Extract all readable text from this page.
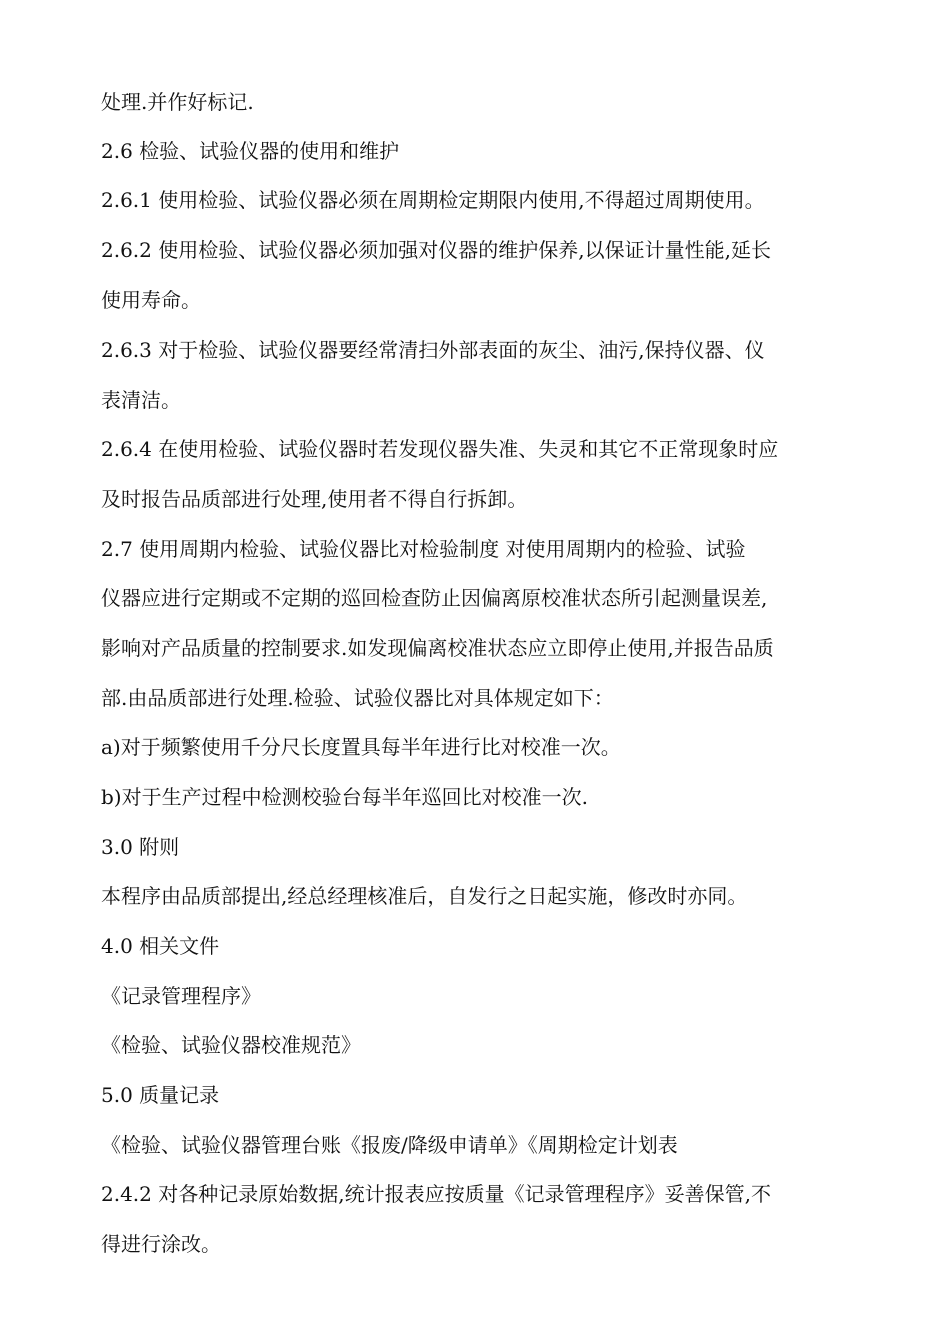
处理.并作好标记.
2.6 检验、试验仪器的使用和维护
2.6.1 使用检验、试验仪器必须在周期检定期限内使用,不得超过周期使用。
2.6.2 使用检验、试验仪器必须加强对仪器的维护保养,以保证计量性能,延长
使用寿命。
2.6.3 对于检验、试验仪器要经常清扫外部表面的灰尘、油污,保持仪器、仪
表清洁。
2.6.4 在使用检验、试验仪器时若发现仪器失准、失灵和其它不正常现象时应
及时报告品质部进行处理,使用者不得自行拆卸。
2.7 使用周期内检验、试验仪器比对检验制度 对使用周期内的检验、试验
仪器应进行定期或不定期的巡回检查防止因偏离原校准状态所引起测量误差,
影响对产品质量的控制要求.如发现偏离校准状态应立即停止使用,并报告品质
部.由品质部进行处理.检验、试验仪器比对具体规定如下：
a)对于频繁使用千分尺长度置具每半年进行比对校准一次。
b)对于生产过程中检测校验台每半年巡回比对校准一次.
3.0 附则
本程序由品质部提出,经总经理核准后，自发行之日起实施，修改时亦同。
4.0 相关文件
《记录管理程序》
《检验、试验仪器校准规范》
5.0 质量记录
《检验、试验仪器管理台账《报废/降级申请单》《周期检定计划表
2.4.2 对各种记录原始数据,统计报表应按质量《记录管理程序》妥善保管,不
得进行涂改。
